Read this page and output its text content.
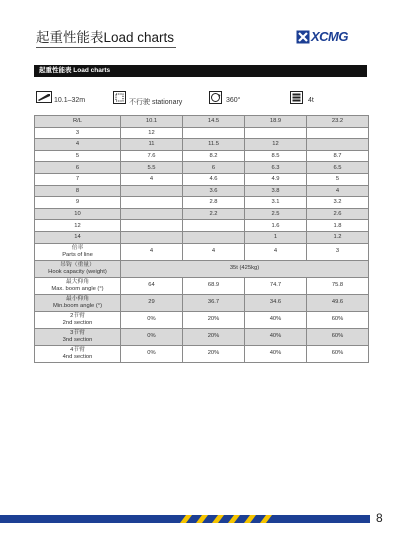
起重性能表Load charts	XCMG
起重性能表 Load charts
10.1–32m	不行驶 stationary	360°	4t
R/L	10.1	14.5	18.9	23.2
3	12			
4	11	11.5	12	
5	7.6	8.2	8.5	8.7
6	5.5	6	6.3	6.5
7	4	4.6	4.9	5
8		3.6	3.8	4
9		2.8	3.1	3.2
10		2.2	2.5	2.6
12			1.6	1.8
14			1	1.2

倍率
Parts of line	4	4	4	3

吊钩（重量）
Hook capacity (weight)	35t (425kg)			

最大仰角
Max. boom angle (°)	64	68.9	74.7	75.8

最小仰角
Min.boom angle (°)	29	36.7	34.6	49.6

2节臂
2nd section	0%	20%	40%	60%

3节臂
3nd section	0%	20%	40%	60%

4节臂
4nd section	0%	20%	40%	60%
8
